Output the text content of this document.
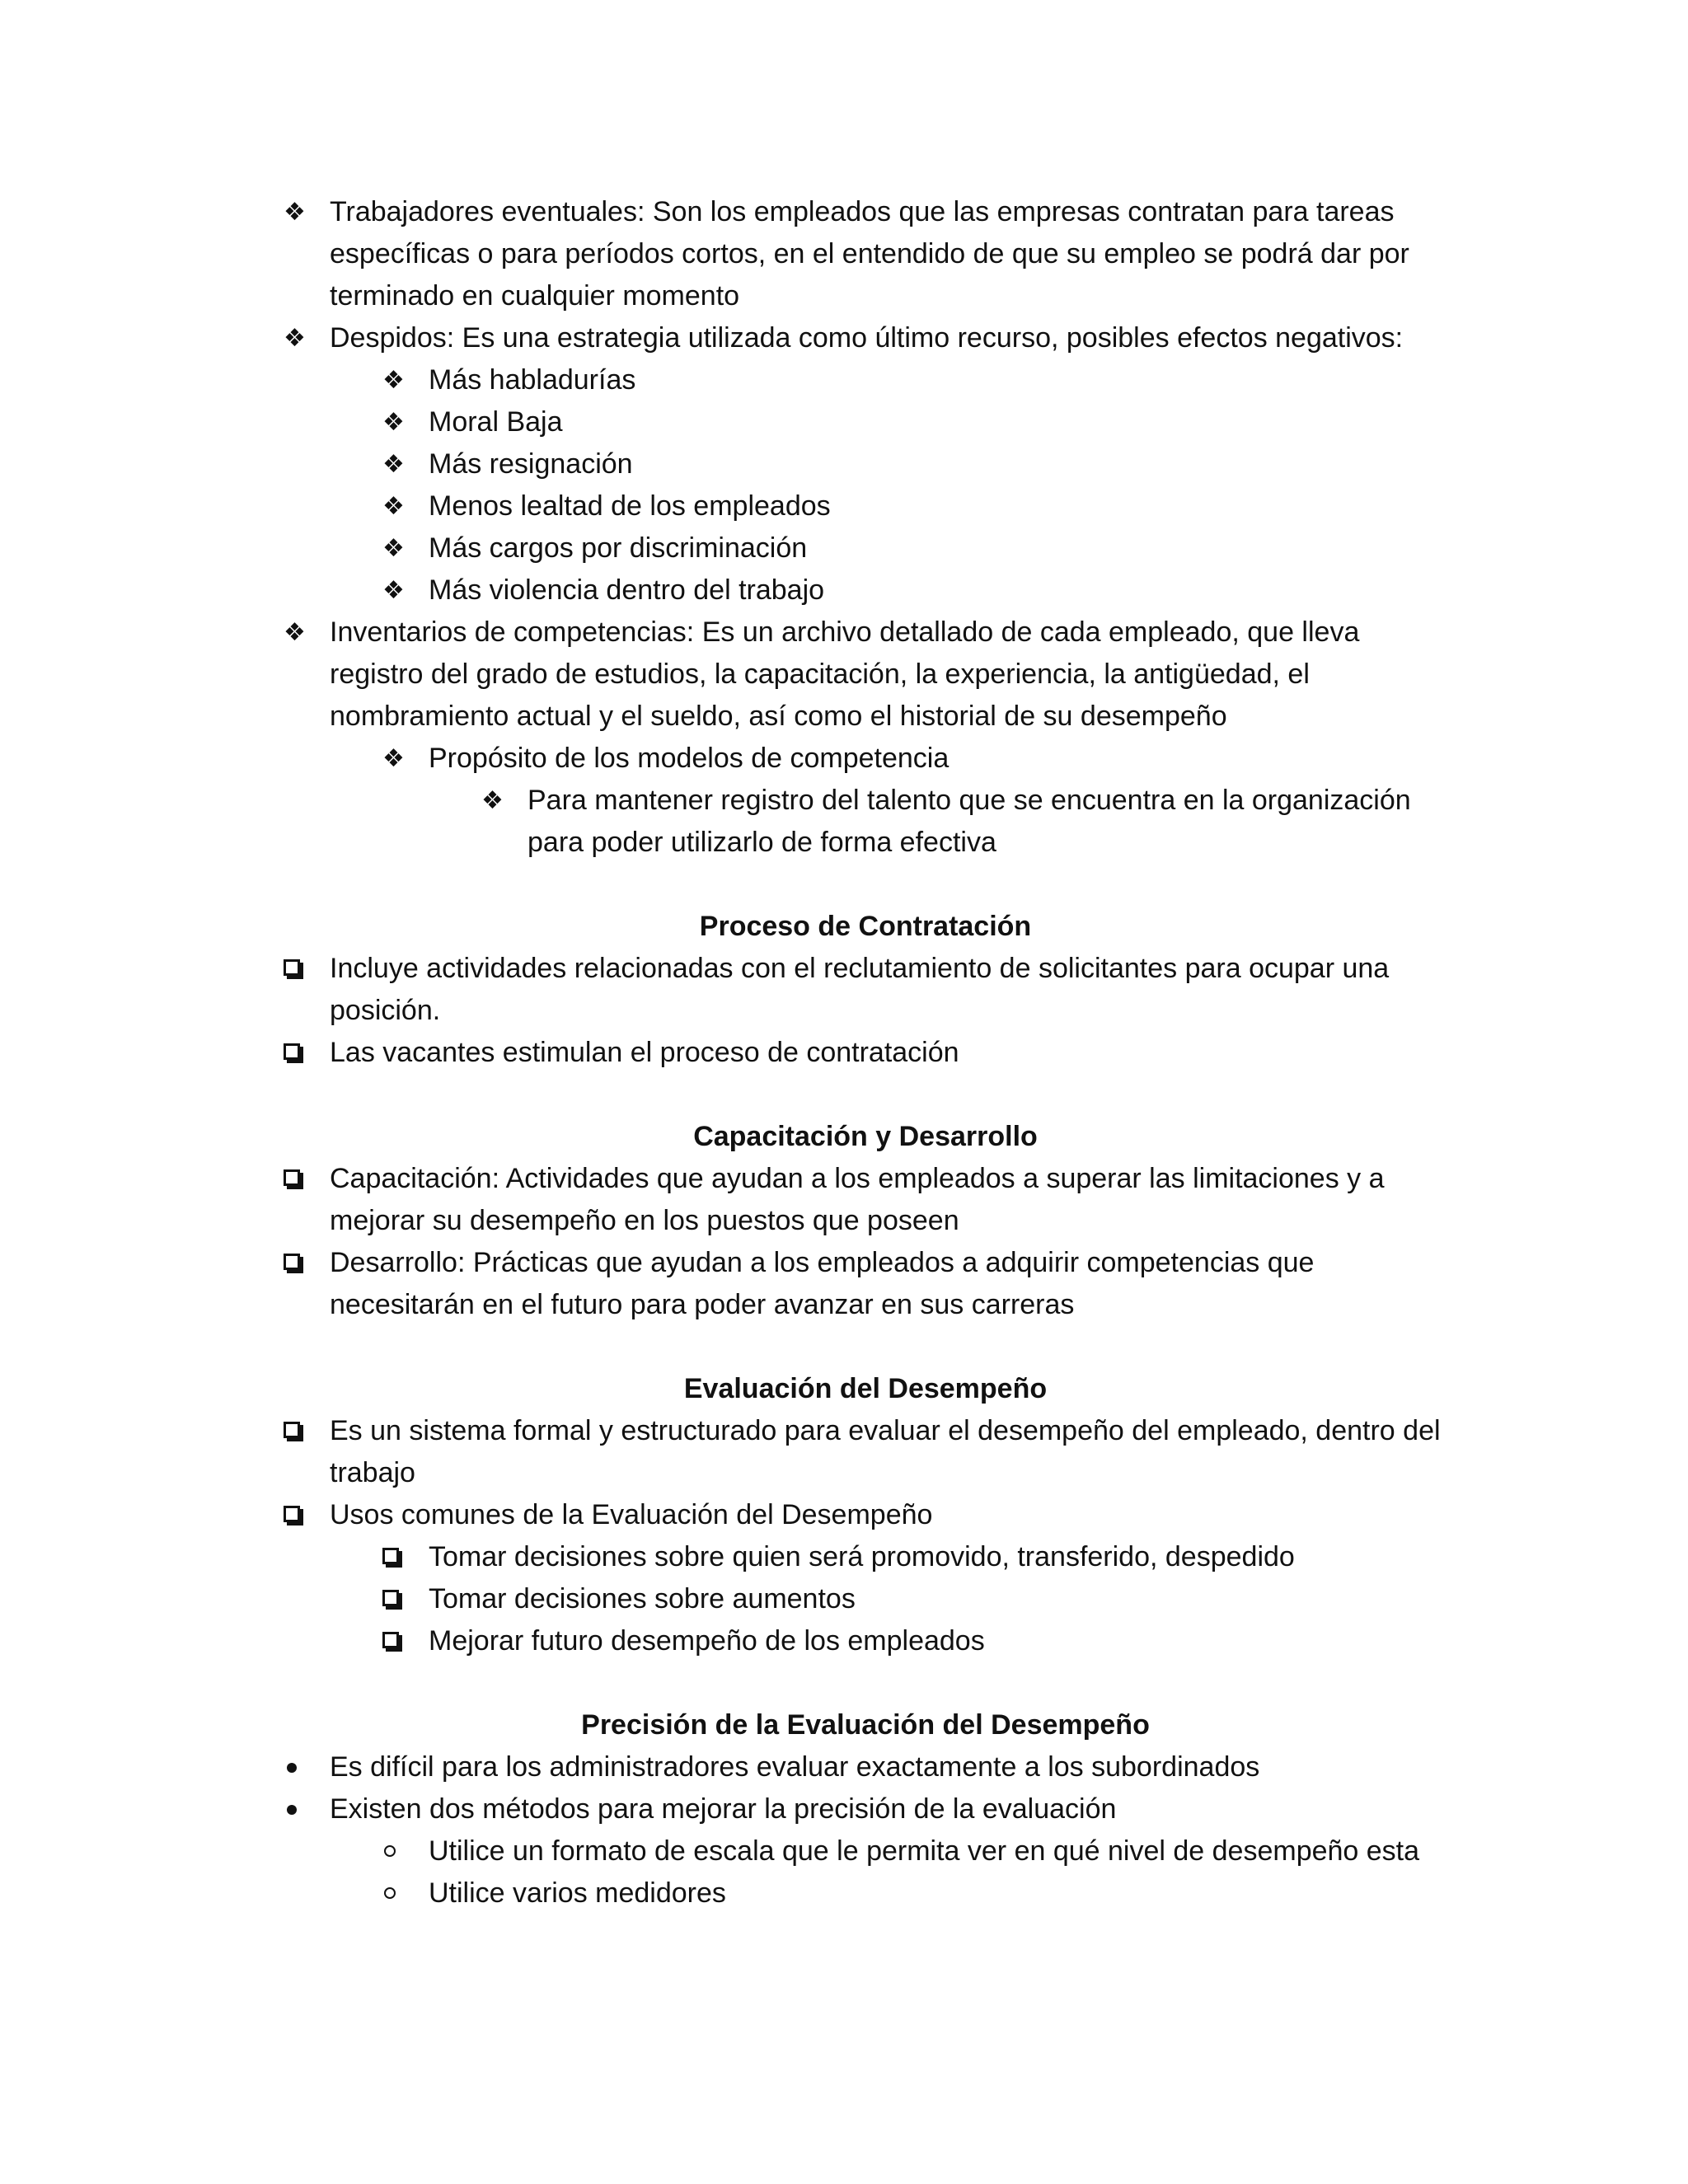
❖ Trabajadores eventuales: Son los empleados que las empresas contratan para tareas específicas o para períodos cortos, en el entendido de que su empleo se podrá dar por terminado en cualquier momento
❖ Despidos: Es una estrategia utilizada como último recurso, posibles efectos negativos:
❖ Más habladurías
❖ Moral Baja
❖ Más resignación
❖ Menos lealtad de los empleados
❖ Más cargos por discriminación
❖ Más violencia dentro del trabajo
❖ Inventarios de competencias: Es un archivo detallado de cada empleado, que lleva registro del grado de estudios, la capacitación, la experiencia, la antigüedad, el nombramiento actual y el sueldo, así como el historial de su desempeño
❖ Propósito de los modelos de competencia
❖ Para mantener registro del talento que se encuentra en la organización para poder utilizarlo de forma efectiva
Proceso de Contratación
Incluye actividades relacionadas con el reclutamiento de solicitantes para ocupar una posición.
Las vacantes estimulan el proceso de contratación
Capacitación y Desarrollo
Capacitación: Actividades que ayudan a los empleados a superar las limitaciones y a mejorar su desempeño en los puestos que poseen
Desarrollo: Prácticas que ayudan a los empleados a adquirir competencias que necesitarán en el futuro para poder avanzar en sus carreras
Evaluación del Desempeño
Es un sistema formal y estructurado para evaluar el desempeño del empleado, dentro del trabajo
Usos comunes de la Evaluación del Desempeño
Tomar decisiones sobre quien será promovido, transferido, despedido
Tomar decisiones sobre aumentos
Mejorar futuro desempeño de los empleados
Precisión de la Evaluación del Desempeño
Es difícil para los administradores evaluar exactamente a los subordinados
Existen dos métodos para mejorar la precisión de la evaluación
Utilice un formato de escala que le permita ver en qué nivel de desempeño esta
Utilice varios medidores
